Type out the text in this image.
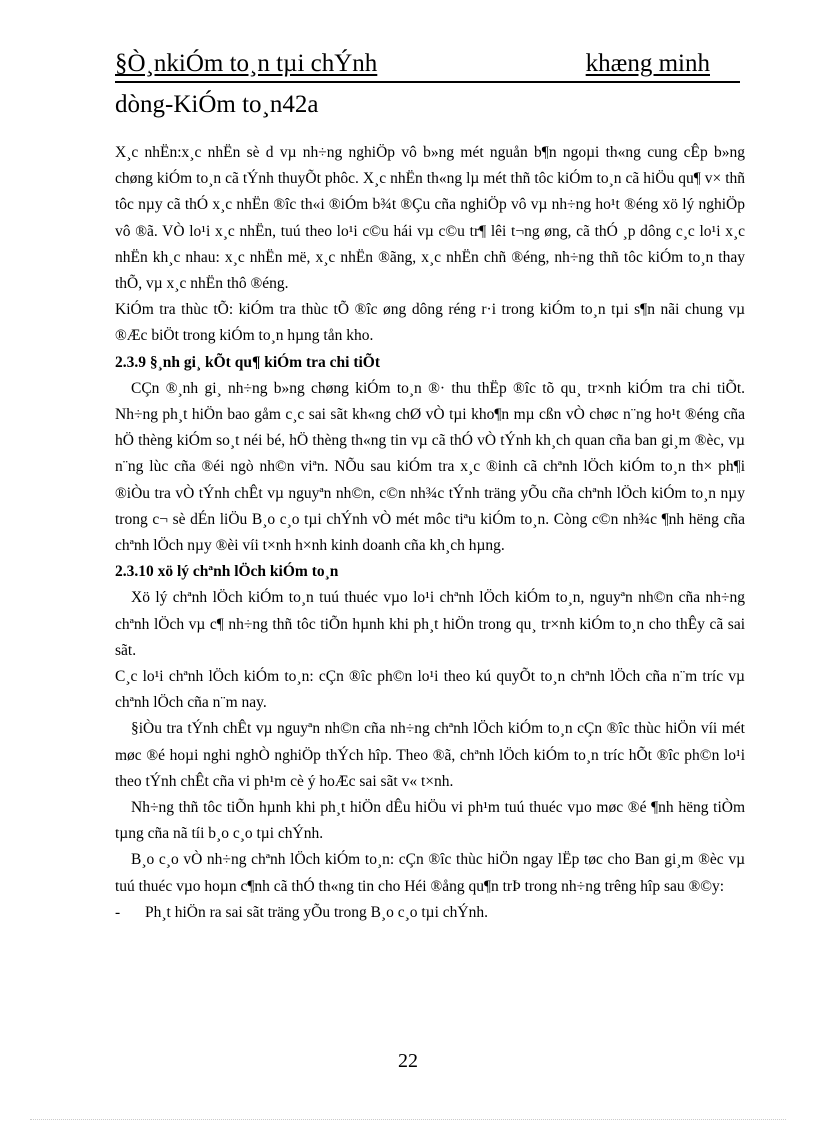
§Ò¸nkiÓm to¸n tµi chÝnh	khæng minh
dòng-KiÓm to¸n42a

X¸c nhËn:x¸c nhËn sè d vµ nh÷ng nghiÖp vô b»ng mét nguån b¶n ngoµi th«ng cung cÊp b»ng chøng kiÓm to¸n cã tÝnh thuyÕt phôc. X¸c nhËn th«ng lµ mét thñ tôc kiÓm to¸n cã hiÖu qu¶ v× thñ tôc nµy cã thÓ x¸c nhËn ®îc th«i ®iÓm b¾t ®Çu cña nghiÖp vô vµ nh÷ng ho¹t ®éng xö lý nghiÖp vô ®ã. VÒ lo¹i x¸c nhËn, tuú theo lo¹i c©u hái vµ c©u tr¶ lêi t¬ng øng, cã thÓ ¸p dông c¸c lo¹i x¸c nhËn kh¸c nhau: x¸c nhËn më, x¸c nhËn ®ãng, x¸c nhËn chñ ®éng, nh÷ng thñ tôc kiÓm to¸n thay thÕ, vµ x¸c nhËn thô ®éng.

KiÓm tra thùc tÕ: kiÓm tra thùc tÕ ®îc øng dông réng r·i trong kiÓm to¸n tµi s¶n nãi chung vµ ®Æc biÖt trong kiÓm to¸n hµng tån kho.

2.3.9 §¸nh gi¸ kÕt qu¶ kiÓm tra chi tiÕt

CÇn ®¸nh gi¸ nh÷ng b»ng chøng kiÓm to¸n ®· thu thËp ®îc tõ qu¸ tr×nh kiÓm tra chi tiÕt. Nh÷ng ph¸t hiÖn bao gåm c¸c sai sãt kh«ng chØ vÒ tµi kho¶n mµ cßn vÒ chøc n¨ng ho¹t ®éng cña hÖ thèng kiÓm so¸t néi bé, hÖ thèng th«ng tin vµ cã thÓ vÒ tÝnh kh¸ch quan cña ban gi¸m ®èc, vµ n¨ng lùc cña ®éi ngò nh©n viªn. NÕu sau kiÓm tra x¸c ®inh cã chªnh lÖch kiÓm to¸n th× ph¶i ®iÒu tra vÒ tÝnh chÊt vµ nguyªn nh©n, c©n nh¾c tÝnh träng yÕu cña chªnh lÖch kiÓm to¸n nµy trong c¬ sè dÉn liÖu B¸o c¸o tµi chÝnh vÒ mét môc tiªu kiÓm to¸n. Còng c©n nh¾c ¶nh hëng cña chªnh lÖch nµy ®èi víi t×nh h×nh kinh doanh cña kh¸ch hµng.

2.3.10 xö lý chªnh lÖch kiÓm to¸n

Xö lý chªnh lÖch kiÓm to¸n tuú thuéc vµo lo¹i chªnh lÖch kiÓm to¸n, nguyªn nh©n cña nh÷ng chªnh lÖch vµ c¶ nh÷ng thñ tôc tiÕn hµnh khi ph¸t hiÖn trong qu¸ tr×nh kiÓm to¸n cho thÊy cã sai sãt.

C¸c lo¹i chªnh lÖch kiÓm to¸n: cÇn ®îc ph©n lo¹i theo kú quyÕt to¸n chªnh lÖch cña n¨m tríc vµ chªnh lÖch cña n¨m nay.

§iÒu tra tÝnh chÊt vµ nguyªn nh©n cña nh÷ng chªnh lÖch kiÓm to¸n cÇn ®îc thùc hiÖn víi mét møc ®é hoµi nghi nghÒ nghiÖp thÝch hîp. Theo ®ã, chªnh lÖch kiÓm to¸n tríc hÕt ®îc ph©n lo¹i theo tÝnh chÊt cña vi ph¹m cè ý hoÆc sai sãt v« t×nh.

Nh÷ng thñ tôc tiÕn hµnh khi ph¸t hiÖn dÊu hiÖu vi ph¹m tuú thuéc vµo møc ®é ¶nh hëng tiÒm tµng cña nã tíi b¸o c¸o tµi chÝnh.

B¸o c¸o vÒ nh÷ng chªnh lÖch kiÓm to¸n: cÇn ®îc thùc hiÖn ngay lËp tøc cho Ban gi¸m ®èc vµ tuú thuéc vµo hoµn c¶nh cã thÓ th«ng tin cho Héi ®ång qu¶n trÞ trong nh÷ng trêng hîp sau ®©y:

-	Ph¸t hiÖn ra sai sãt träng yÕu trong B¸o c¸o tµi chÝnh.
22
